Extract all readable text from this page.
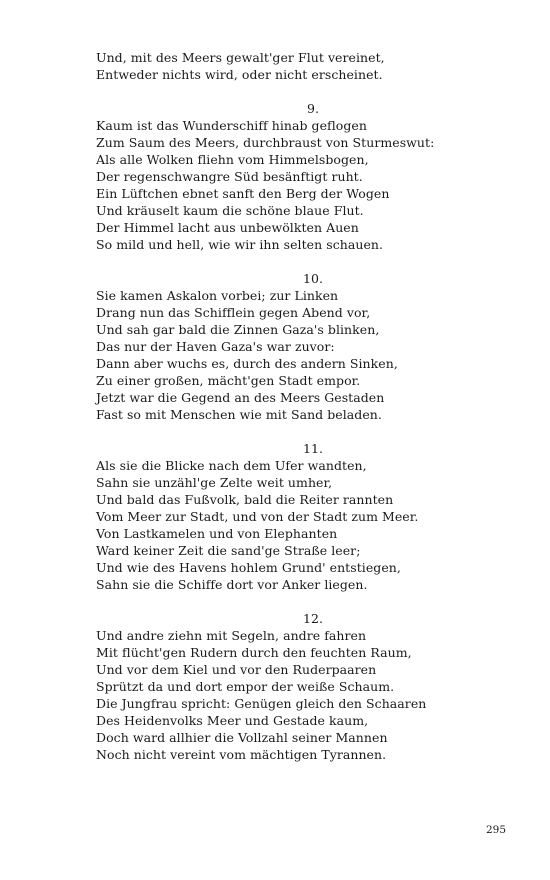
Und, mit des Meers gewalt'ger Flut vereinet,
Entweder nichts wird, oder nicht erscheinet.
9.
Kaum ist das Wunderschiff hinab geflogen
Zum Saum des Meers, durchbraust von Sturmeswut:
Als alle Wolken fliehn vom Himmelsbogen,
Der regenschwangre Süd besänftigt ruht.
Ein Lüftchen ebnet sanft den Berg der Wogen
Und kräuselt kaum die schöne blaue Flut.
Der Himmel lacht aus unbewölkten Auen
So mild und hell, wie wir ihn selten schauen.
10.
Sie kamen Askalon vorbei; zur Linken
Drang nun das Schifflein gegen Abend vor,
Und sah gar bald die Zinnen Gaza's blinken,
Das nur der Haven Gaza's war zuvor:
Dann aber wuchs es, durch des andern Sinken,
Zu einer großen, mächt'gen Stadt empor.
Jetzt war die Gegend an des Meers Gestaden
Fast so mit Menschen wie mit Sand beladen.
11.
Als sie die Blicke nach dem Ufer wandten,
Sahn sie unzähl'ge Zelte weit umher,
Und bald das Fußvolk, bald die Reiter rannten
Vom Meer zur Stadt, und von der Stadt zum Meer.
Von Lastkamelen und von Elephanten
Ward keiner Zeit die sand'ge Straße leer;
Und wie des Havens hohlem Grund' entstiegen,
Sahn sie die Schiffe dort vor Anker liegen.
12.
Und andre ziehn mit Segeln, andre fahren
Mit flücht'gen Rudern durch den feuchten Raum,
Und vor dem Kiel und vor den Ruderpaaren
Sprützt da und dort empor der weiße Schaum.
Die Jungfrau spricht: Genügen gleich den Schaaren
Des Heidenvolks Meer und Gestade kaum,
Doch ward allhier die Vollzahl seiner Mannen
Noch nicht vereint vom mächtigen Tyrannen.
295
